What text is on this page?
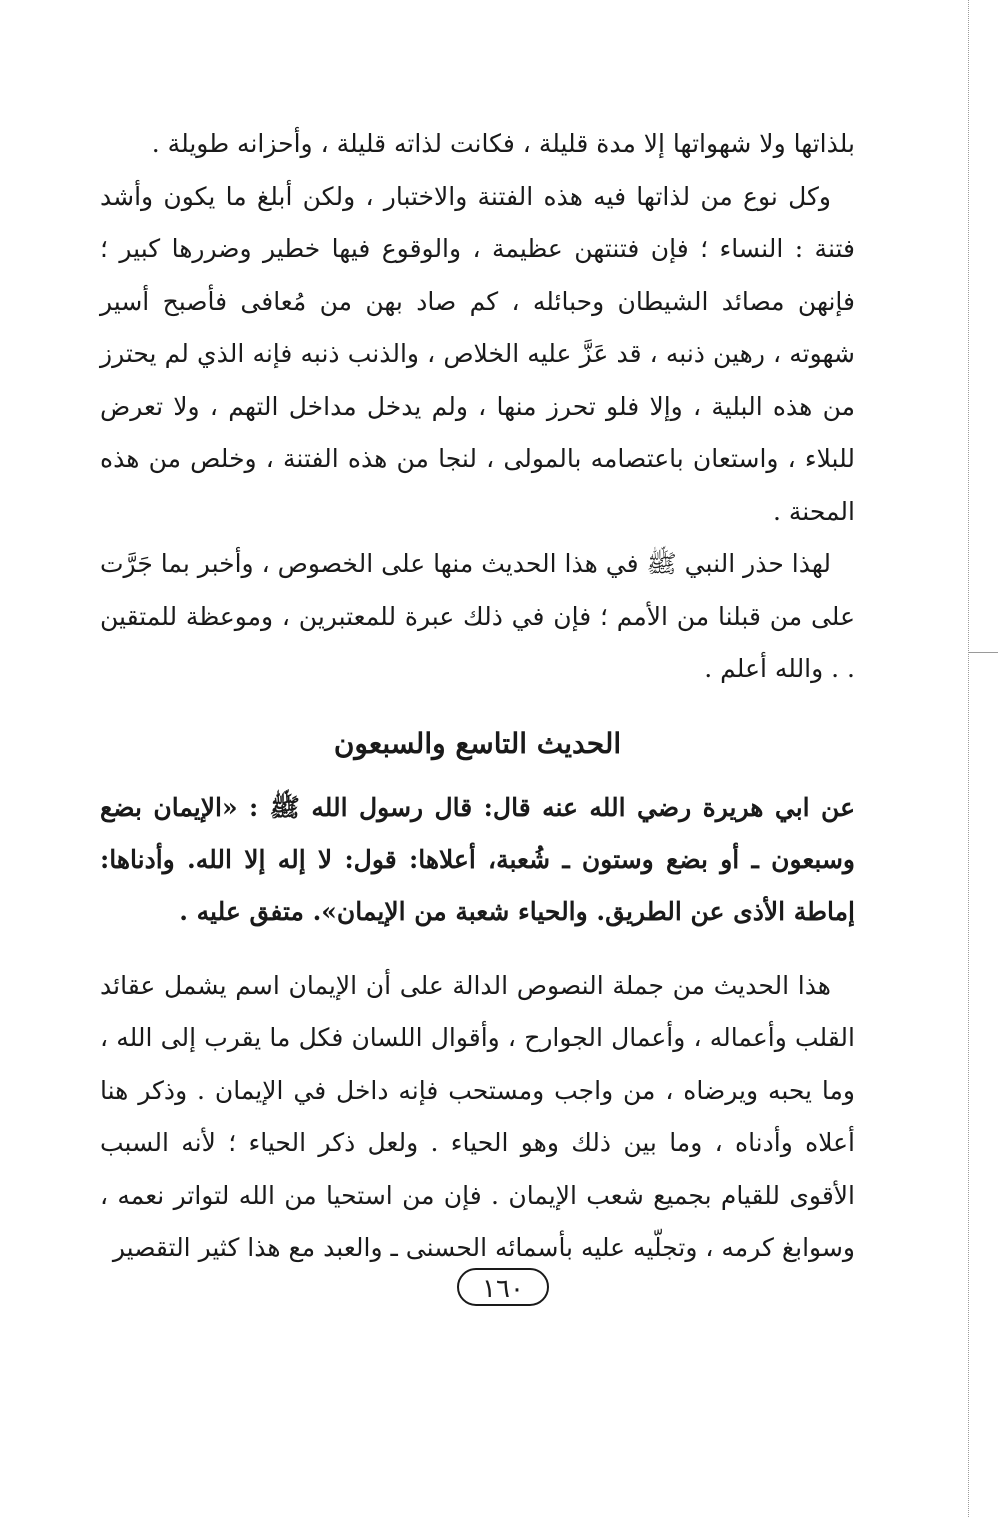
بلذاتها ولا شهواتها إلا مدة قليلة ، فكانت لذاته قليلة ، وأحزانه طويلة .

وكل نوع من لذاتها فيه هذه الفتنة والاختبار ، ولكن أبلغ ما يكون وأشد فتنة : النساء ؛ فإن فتنتهن عظيمة ، والوقوع فيها خطير وضررها كبير ؛ فإنهن مصائد الشيطان وحبائله ، كم صاد بهن من مُعافى فأصبح أسير شهوته ، رهين ذنبه ، قد عَزَّ عليه الخلاص ، والذنب ذنبه فإنه الذي لم يحترز من هذه البلية ، وإلا فلو تحرز منها ، ولم يدخل مداخل التهم ، ولا تعرض للبلاء ، واستعان باعتصامه بالمولى ، لنجا من هذه الفتنة ، وخلص من هذه المحنة .

لهذا حذر النبي ﷺ في هذا الحديث منها على الخصوص ، وأخبر بما جَرَّت على من قبلنا من الأمم ؛ فإن في ذلك عبرة للمعتبرين ، وموعظة للمتقين . . والله أعلم .

الحديث التاسع والسبعون

عن ابي هريرة رضي الله عنه قال: قال رسول الله ﷺ : «الإيمان بضع وسبعون ـ أو بضع وستون ـ شُعبة، أعلاها: قول: لا إله إلا الله. وأدناها: إماطة الأذى عن الطريق. والحياء شعبة من الإيمان». متفق عليه .

هذا الحديث من جملة النصوص الدالة على أن الإيمان اسم يشمل عقائد القلب وأعماله ، وأعمال الجوارح ، وأقوال اللسان فكل ما يقرب إلى الله ، وما يحبه ويرضاه ، من واجب ومستحب فإنه داخل في الإيمان . وذكر هنا أعلاه وأدناه ، وما بين ذلك وهو الحياء . ولعل ذكر الحياء ؛ لأنه السبب الأقوى للقيام بجميع شعب الإيمان . فإن من استحيا من الله لتواتر نعمه ، وسوابغ كرمه ، وتجلّيه عليه بأسمائه الحسنى ـ والعبد مع هذا كثير التقصير

١٦٠
